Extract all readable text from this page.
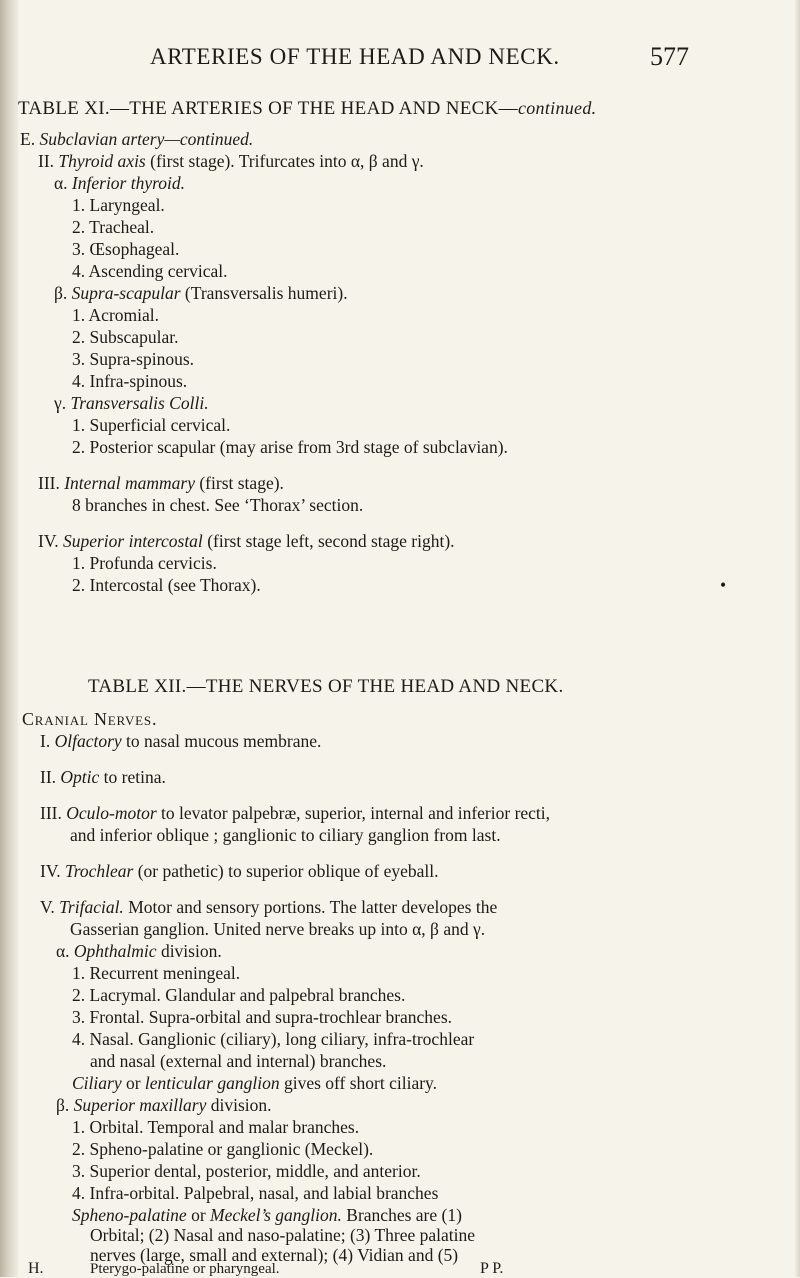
ARTERIES OF THE HEAD AND NECK.	577
TABLE XI.—THE ARTERIES OF THE HEAD AND NECK—continued.
E. Subclavian artery—continued.
II. Thyroid axis (first stage). Trifurcates into α, β and γ.
α. Inferior thyroid.
1. Laryngeal.
2. Tracheal.
3. Œsophageal.
4. Ascending cervical.
β. Supra-scapular (Transversalis humeri).
1. Acromial.
2. Subscapular.
3. Supra-spinous.
4. Infra-spinous.
γ. Transversalis Colli.
1. Superficial cervical.
2. Posterior scapular (may arise from 3rd stage of subclavian).
III. Internal mammary (first stage).
8 branches in chest. See ‘Thorax’ section.
IV. Superior intercostal (first stage left, second stage right).
1. Profunda cervicis.
2. Intercostal (see Thorax).	•
TABLE XII.—THE NERVES OF THE HEAD AND NECK.
Cranial Nerves.
I. Olfactory to nasal mucous membrane.
II. Optic to retina.
III. Oculo-motor to levator palpebræ, superior, internal and inferior recti,
and inferior oblique ; ganglionic to ciliary ganglion from last.
IV. Trochlear (or pathetic) to superior oblique of eyeball.
V. Trifacial. Motor and sensory portions. The latter developes the
Gasserian ganglion. United nerve breaks up into α, β and γ.
α. Ophthalmic division.
1. Recurrent meningeal.
2. Lacrymal. Glandular and palpebral branches.
3. Frontal. Supra-orbital and supra-trochlear branches.
4. Nasal. Ganglionic (ciliary), long ciliary, infra-trochlear
and nasal (external and internal) branches.
Ciliary or lenticular ganglion gives off short ciliary.
β. Superior maxillary division.
1. Orbital. Temporal and malar branches.
2. Spheno-palatine or ganglionic (Meckel).
3. Superior dental, posterior, middle, and anterior.
4. Infra-orbital. Palpebral, nasal, and labial branches
Spheno-palatine or Meckel’s ganglion. Branches are (1)
Orbital; (2) Nasal and naso-palatine; (3) Three palatine
nerves (large, small and external); (4) Vidian and (5)
Pterygo-palatine or pharyngeal.
H.	P P.
